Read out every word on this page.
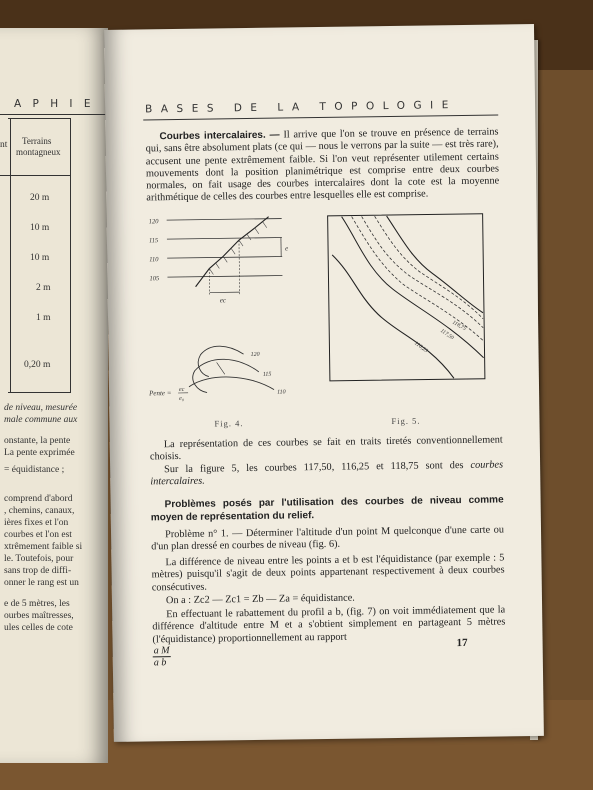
A P H I E
nt Terrains
montagneux
20 m
10 m
10 m
2 m
1 m
0,20 m
de niveau, mesurée
male commune aux
onstante, la pente
La pente exprimée
= équidistance ;
comprend d'abord
, chemins, canaux,
ières fixes et l'on
courbes et l'on est
xtrêmement faible si
le. Toutefois, pour
sans trop de diffi-
onner le rang est un
e de 5 mètres, les
ourbes maîtresses,
ules celles de cote
BASES DE LA TOPOLOGIE
Courbes intercalaires. — Il arrive que l'on se trouve en présence de terrains qui, sans être absolument plats (ce qui — nous le verrons par la suite — est très rare), accusent une pente extrêmement faible. Si l'on veut représenter utilement certains mouvements dont la position planimétrique est comprise entre deux courbes normales, on fait usage des courbes intercalaires dont la cote est la moyenne arithmétique de celles des courbes entre lesquelles elle est comprise.
120
115
110
105
ec
e
120
115
110
Pente = ec
e₀
Fig. 4.
118,75
117,50
116,25
Fig. 5.
La représentation de ces courbes se fait en traits tiretés conventionnellement choisis.
Sur la figure 5, les courbes 117,50, 116,25 et 118,75 sont des courbes intercalaires.
Problèmes posés par l'utilisation des courbes de niveau comme moyen de représentation du relief.
Problème n° 1. — Déterminer l'altitude d'un point M quelconque d'une carte ou d'un plan dressé en courbes de niveau (fig. 6).
La différence de niveau entre les points a et b est l'équidistance (par exemple : 5 mètres) puisqu'il s'agit de deux points appartenant respectivement à deux courbes consécutives.
On a : Zc2 — Zc1 = Zb — Za = équidistance.
En effectuant le rabattement du profil a b, (fig. 7) on voit immédiatement que la différence d'altitude entre M et a s'obtient simplement en partageant 5 mètres (l'équidistance) proportionnellement au rapport
$\frac{\text{a M}}{\text{a b}}$
17
